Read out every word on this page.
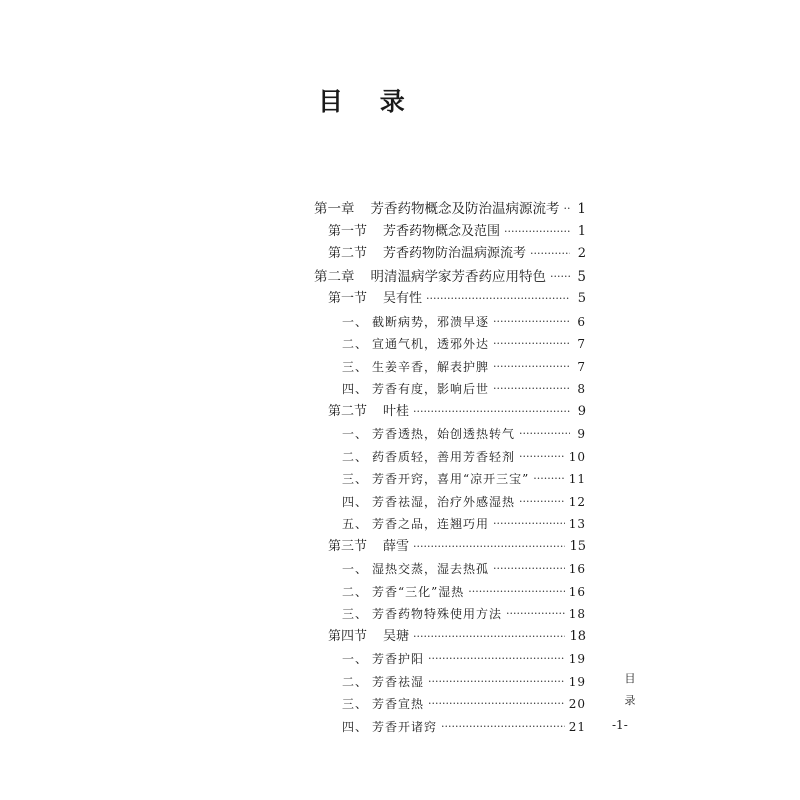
目 录
第一章 芳香药物概念及防治温病源流考 ····· 1
第一节 芳香药物概念及范围 ·····	1
第二节 芳香药物防治温病源流考 ·····	2
第二章 明清温病学家芳香药应用特色 ····· 5
第一节 吴有性 ·····	5
一、 截断病势，邪溃早逐 ·····	6
二、 宣通气机，透邪外达 ·····	7
三、 生姜辛香，解表护脾 ·····	7
四、 芳香有度，影响后世 ·····	8
第二节 叶桂 ·····	9
一、 芳香透热，始创透热转气 ·····	9
二、 药香质轻，善用芳香轻剂 ·····	10
三、 芳香开窍，喜用“凉开三宝” ·····	11
四、 芳香祛湿，治疗外感湿热 ·····	12
五、 芳香之品，连翘巧用 ·····	13
第三节 薛雪 ·····	15
一、 湿热交蒸，湿去热孤 ·····	16
二、 芳香“三化”湿热 ·····	16
三、 芳香药物特殊使用方法 ·····	18
第四节 吴瑭 ·····	18
一、 芳香护阳 ·····	19
二、 芳香祛湿 ·····	19
三、 芳香宣热 ·····	20
四、 芳香开诸窍 ·····	21
目
录
-1-
